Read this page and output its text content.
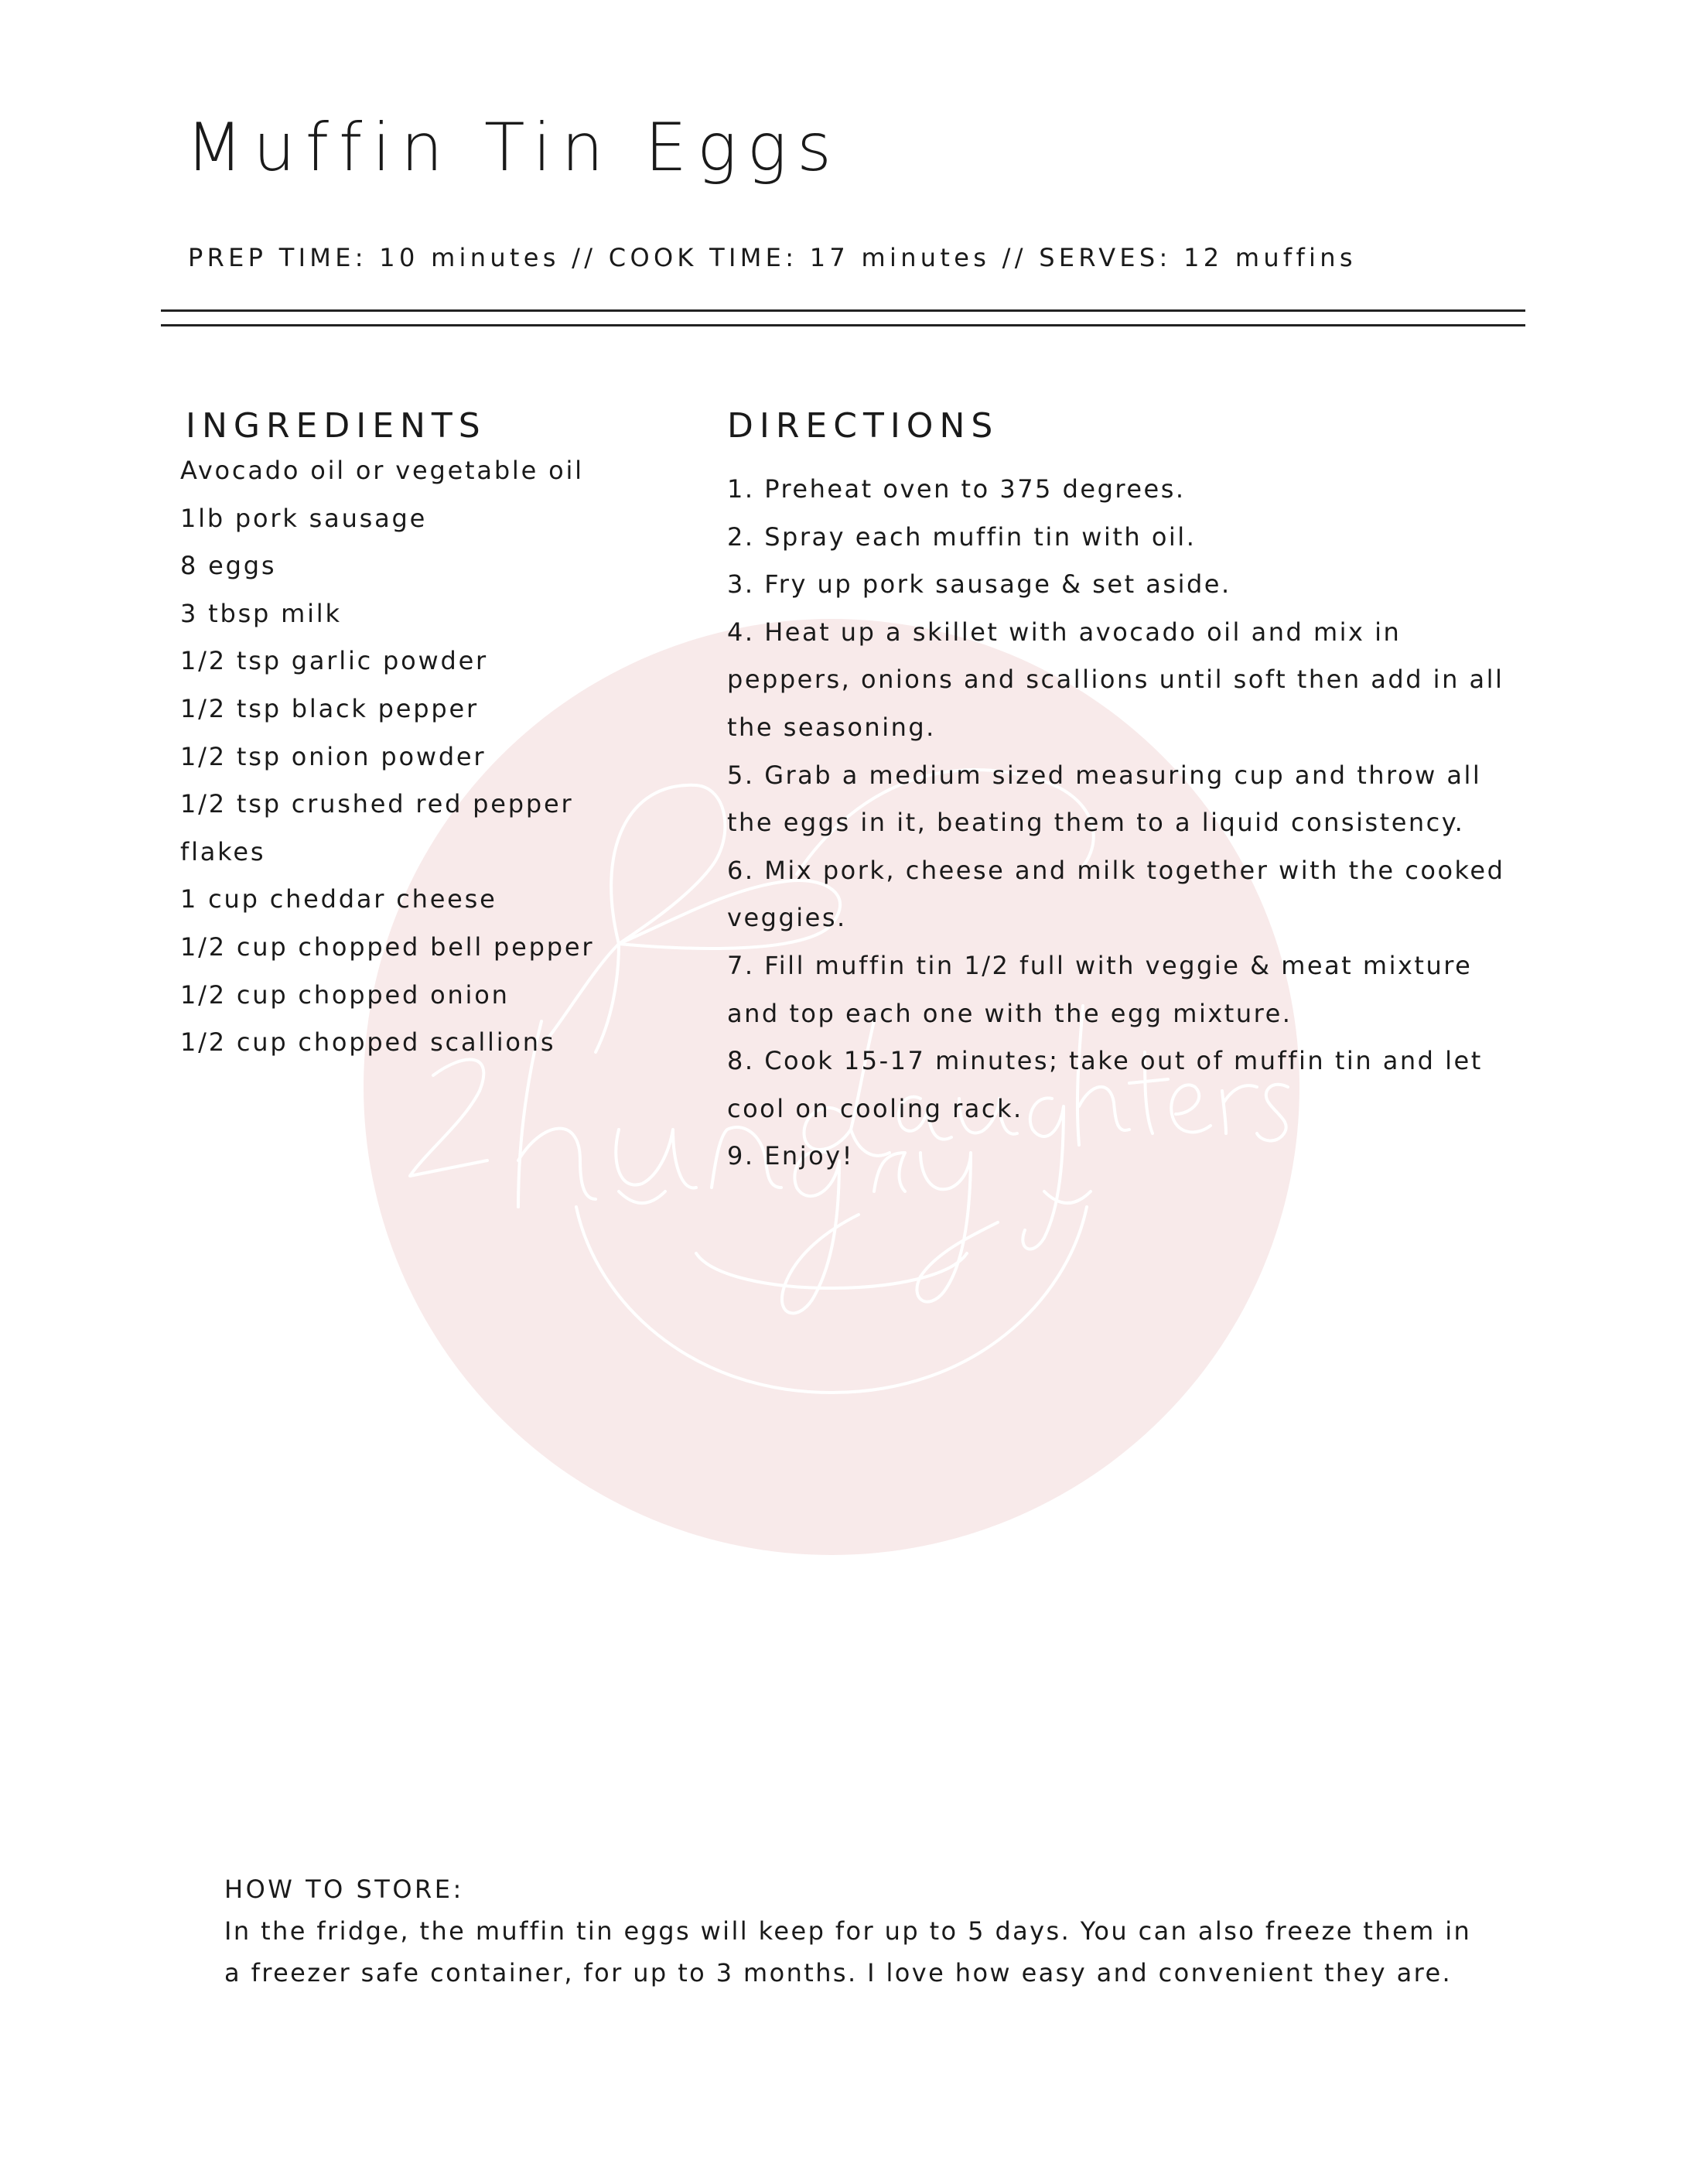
Muffin Tin Eggs
PREP TIME: 10 minutes // COOK TIME: 17 minutes // SERVES: 12 muffins
INGREDIENTS
Avocado oil or vegetable oil
1lb pork sausage
8 eggs
3 tbsp milk
1/2 tsp garlic powder
1/2 tsp black pepper
1/2 tsp onion powder
1/2 tsp crushed red pepper flakes
1 cup cheddar cheese
1/2 cup chopped bell pepper
1/2 cup chopped onion
1/2 cup chopped scallions
DIRECTIONS
1. Preheat oven to 375 degrees.
2. Spray each muffin tin with oil.
3. Fry up pork sausage & set aside.
4. Heat up a skillet with avocado oil and mix in peppers, onions and scallions until soft then add in all the seasoning.
5. Grab a medium sized measuring cup and throw all the eggs in it, beating them to a liquid consistency.
6. Mix pork, cheese and milk together with the cooked veggies.
7. Fill muffin tin 1/2 full with veggie & meat mixture and top each one with the egg mixture.
8. Cook 15-17 minutes; take out of muffin tin and let cool on cooling rack.
9. Enjoy!
HOW TO STORE:
In the fridge, the muffin tin eggs will keep for up to 5 days. You can also freeze them in a freezer safe container, for up to 3 months. I love how easy and convenient they are.
